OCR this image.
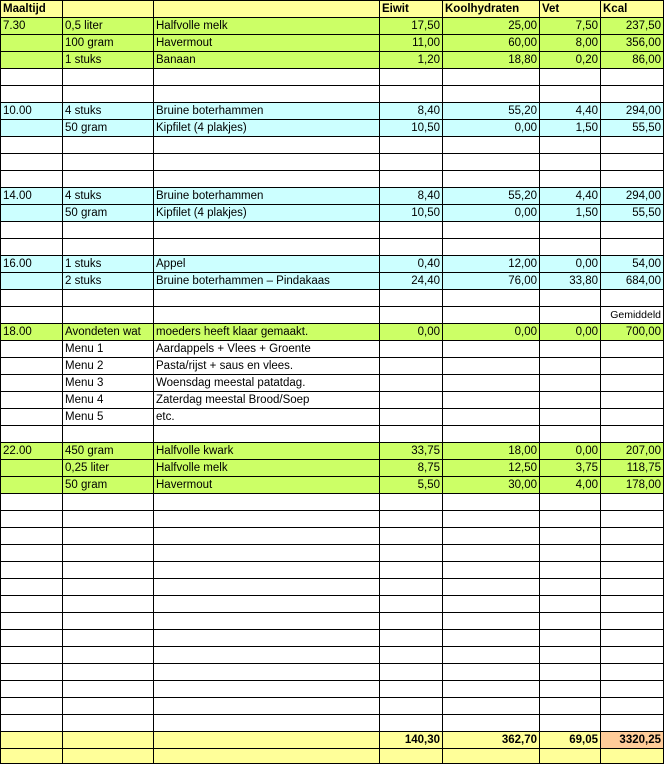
Maaltijd			Eiwit	Koolhydraten	Vet	Kcal
7.30	0,5 liter	Halfvolle melk	17,50	25,00	7,50	237,50
	100 gram	Havermout	11,00	60,00	8,00	356,00
	1 stuks	Banaan	1,20	18,80	0,20	86,00

10.00	4 stuks	Bruine boterhammen	8,40	55,20	4,40	294,00
	50 gram	Kipfilet (4 plakjes)	10,50	0,00	1,50	55,50

14.00	4 stuks	Bruine boterhammen	8,40	55,20	4,40	294,00
	50 gram	Kipfilet (4 plakjes)	10,50	0,00	1,50	55,50

16.00	1 stuks	Appel	0,40	12,00	0,00	54,00
	2 stuks	Bruine boterhammen – Pindakaas	24,40	76,00	33,80	684,00

						Gemiddeld
18.00	Avondeten wat	moeders heeft klaar gemaakt.	0,00	0,00	0,00	700,00
	Menu 1	Aardappels + Vlees + Groente				
	Menu 2	Pasta/rijst + saus en vlees.				
	Menu 3	Woensdag meestal patatdag.				
	Menu 4	Zaterdag meestal Brood/Soep				
	Menu 5	etc.				

22.00	450 gram	Halfvolle kwark	33,75	18,00	0,00	207,00
	0,25 liter	Halfvolle melk	8,75	12,50	3,75	118,75
	50 gram	Havermout	5,50	30,00	4,00	178,00

			140,30	362,70	69,05	3320,25
